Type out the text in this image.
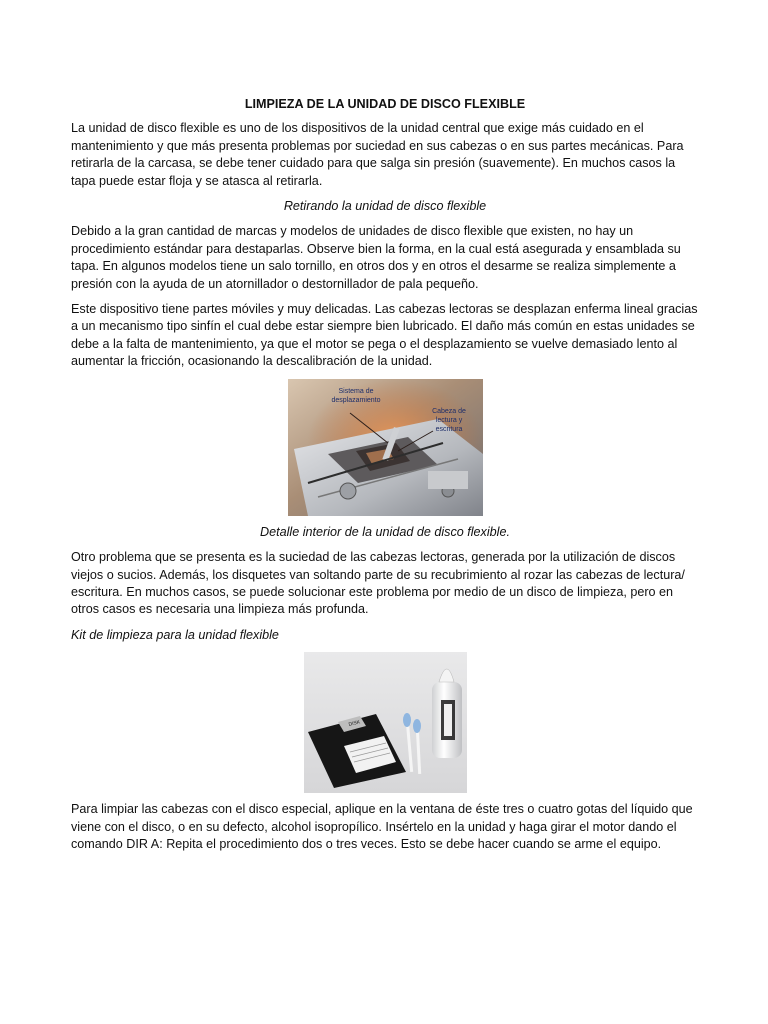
LIMPIEZA DE LA UNIDAD DE DISCO FLEXIBLE

La unidad de disco flexible es uno de los dispositivos de la unidad central que exige más cuidado en el mantenimiento y que más presenta problemas por suciedad en sus cabezas o en sus partes mecánicas. Para retirarla de la carcasa, se debe tener cuidado para que salga sin presión (suavemente). En muchos casos la tapa puede estar floja y se atasca al retirarla.

Retirando la unidad de disco flexible

Debido a la gran cantidad de marcas y modelos de unidades de disco flexible que existen, no hay un procedimiento estándar para destaparlas. Observe bien la forma, en la cual está asegurada y ensamblada su tapa. En algunos modelos tiene un salo tornillo, en otros dos y en otros el desarme se realiza simplemente a presión con la ayuda de un atornillador o destornillador de pala pequeño.

Este dispositivo tiene partes móviles y muy delicadas. Las cabezas lectoras se desplazan enferma lineal gracias a un mecanismo tipo sinfín el cual debe estar siempre bien lubricado. El daño más común en estas unidades se debe a la falta de mantenimiento, ya que el motor se pega o el desplazamiento se vuelve demasiado lento al aumentar la fricción, ocasionando la descalibración de la unidad.

Sistema de
desplazamiento
Cabeza de
lectura y
escritura
Detalle interior de la unidad de disco flexible.

Otro problema que se presenta es la suciedad de las cabezas lectoras, generada por la utilización de discos viejos o sucios. Además, los disquetes van soltando parte de su recubrimiento al rozar las cabezas de lectura/ escritura. En muchos casos, se puede solucionar este problema por medio de un disco de limpieza, pero en otros casos es necesaria una limpieza más profunda.

Kit de limpieza para la unidad flexible
DISK

Para limpiar las cabezas con el disco especial, aplique en la ventana de éste tres o cuatro gotas del líquido que viene con el disco, o en su defecto, alcohol isopropílico. Insértelo en la unidad y haga girar el motor dando el comando DIR A: Repita el procedimiento dos o tres veces. Esto se debe hacer cuando se arme el equipo.
